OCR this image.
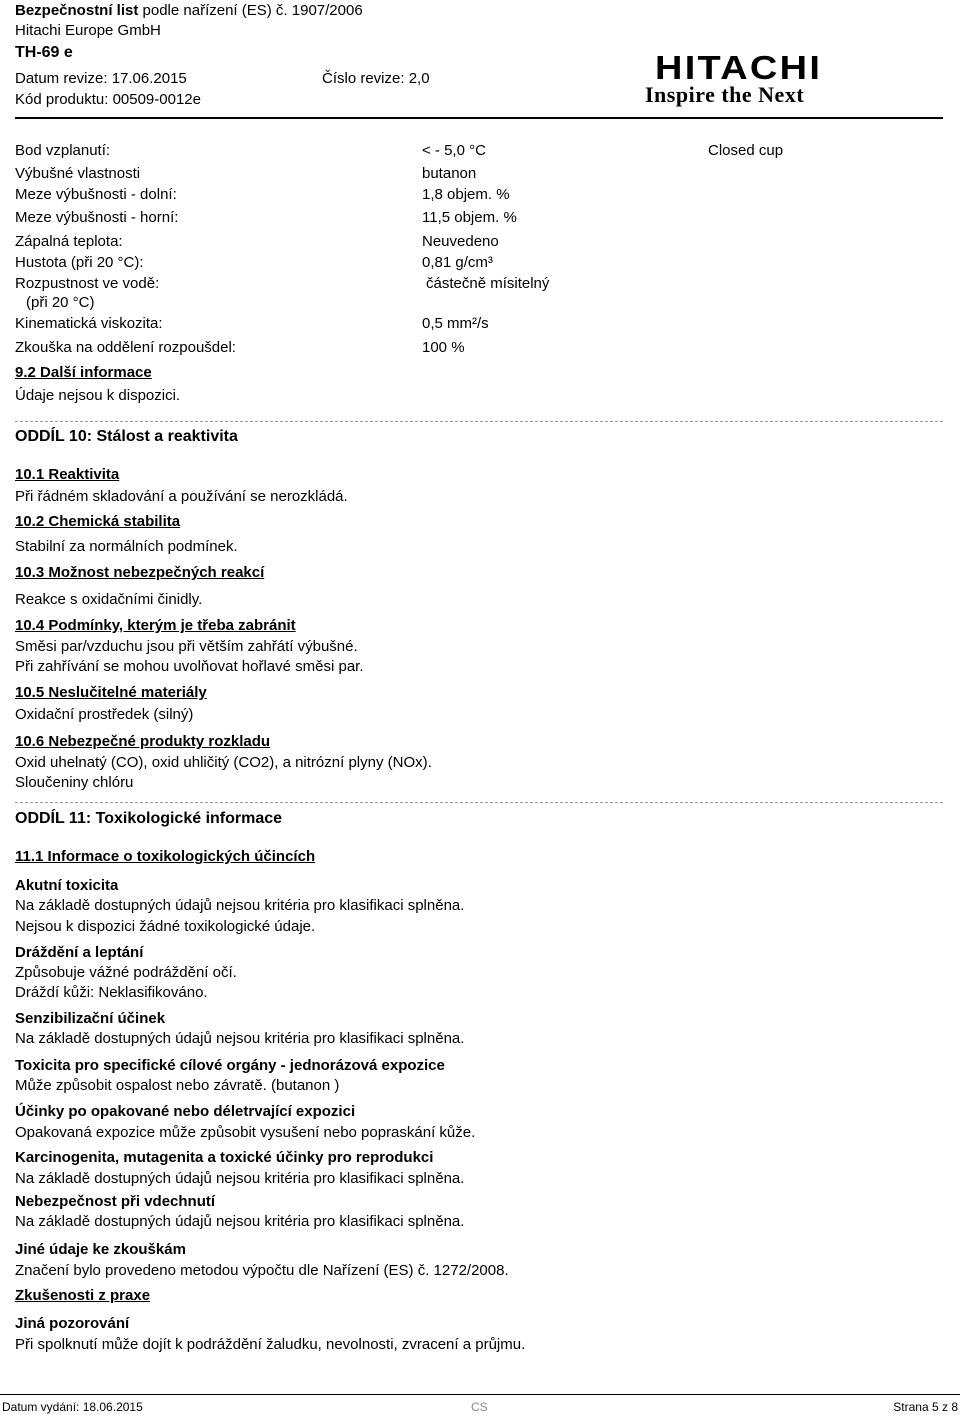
Bezpečnostní list podle nařízení (ES) č. 1907/2006
Hitachi Europe GmbH
TH-69 e
Datum revize: 17.06.2015	Číslo revize: 2,0
Kód produktu: 00509-0012e
HITACHI
Inspire the Next
Bod vzplanutí:	< - 5,0 °C	Closed cup
Výbušné vlastnosti	butanon
Meze výbušnosti - dolní:	1,8 objem. %
Meze výbušnosti - horní:	11,5 objem. %
Zápalná teplota:	Neuvedeno
Hustota (při 20 °C):	0,81 g/cm³
Rozpustnost ve vodě:	částečně mísitelný
(při 20 °C)
Kinematická viskozita:	0,5 mm²/s
Zkouška na oddělení rozpoušdel:	100 %
9.2 Další informace
Údaje nejsou k dispozici.
ODDÍL 10: Stálost a reaktivita
10.1 Reaktivita
Při řádném skladování a používání se nerozkládá.
10.2 Chemická stabilita
Stabilní za normálních podmínek.
10.3 Možnost nebezpečných reakcí
Reakce s oxidačními činidly.
10.4 Podmínky, kterým je třeba zabránit
Směsi par/vzduchu jsou při větším zahřátí výbušné.
Při zahřívání se mohou uvolňovat hořlavé směsi par.
10.5 Neslučitelné materiály
Oxidační prostředek (silný)
10.6 Nebezpečné produkty rozkladu
Oxid uhelnatý (CO), oxid uhličitý (CO2), a nitrózní plyny (NOx).
Sloučeniny chlóru
ODDÍL 11: Toxikologické informace
11.1 Informace o toxikologických účincích
Akutní toxicita
Na základě dostupných údajů nejsou kritéria pro klasifikaci splněna.
Nejsou k dispozici žádné toxikologické údaje.
Dráždění a leptání
Způsobuje vážné podráždění očí.
Dráždí kůži: Neklasifikováno.
Senzibilizační účinek
Na základě dostupných údajů nejsou kritéria pro klasifikaci splněna.
Toxicita pro specifické cílové orgány - jednorázová expozice
Může způsobit ospalost nebo závratě. (butanon )
Účinky po opakované nebo déletrvající expozici
Opakovaná expozice může způsobit vysušení nebo popraskání kůže.
Karcinogenita, mutagenita a toxické účinky pro reprodukci
Na základě dostupných údajů nejsou kritéria pro klasifikaci splněna.
Nebezpečnost při vdechnutí
Na základě dostupných údajů nejsou kritéria pro klasifikaci splněna.
Jiné údaje ke zkouškám
Značení bylo provedeno metodou výpočtu dle Nařízení (ES) č. 1272/2008.
Zkušenosti z praxe
Jiná pozorování
Při spolknutí může dojít k podráždění žaludku, nevolnosti, zvracení a průjmu.
Datum vydání: 18.06.2015	CS	Strana 5 z 8
